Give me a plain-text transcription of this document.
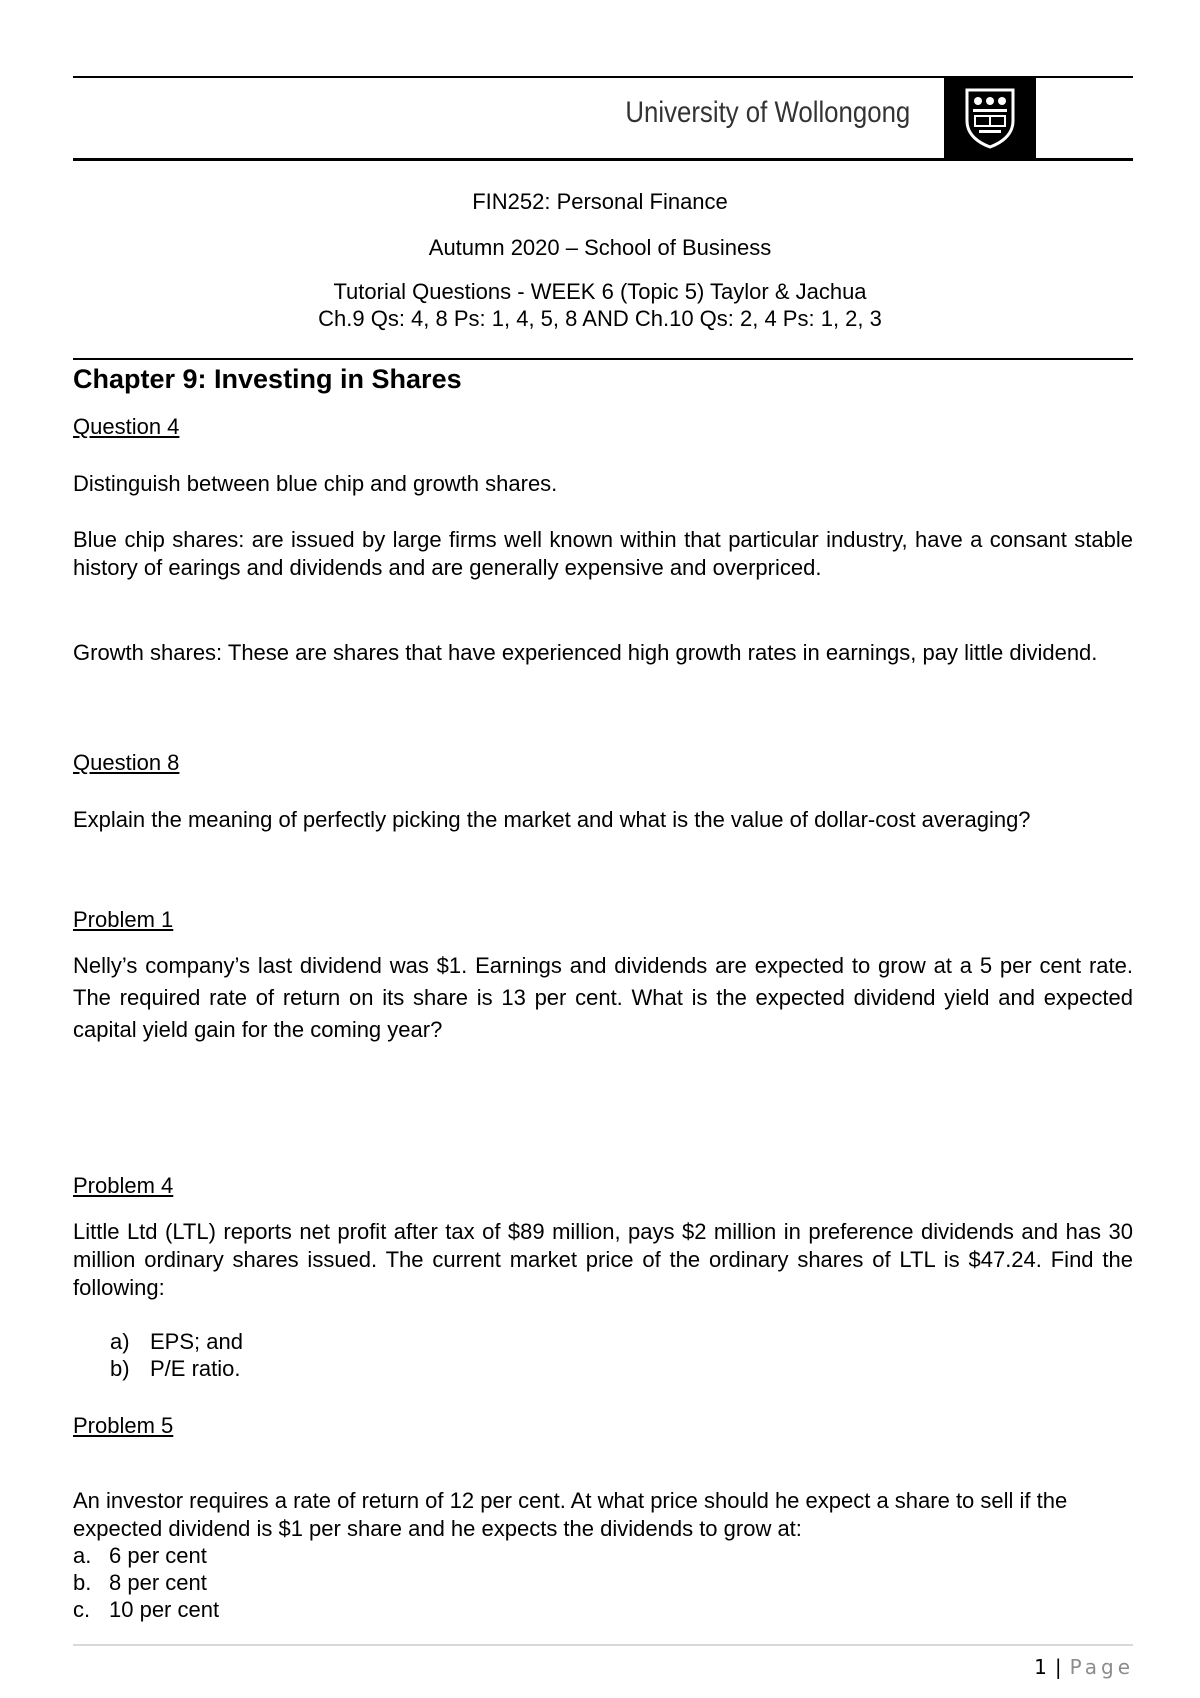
University of Wollongong
FIN252: Personal Finance
Autumn 2020 – School of Business
Tutorial Questions - WEEK 6 (Topic 5) Taylor & Jachua
Ch.9 Qs: 4, 8 Ps: 1, 4, 5, 8 AND Ch.10 Qs: 2, 4 Ps: 1, 2, 3
Chapter 9: Investing in Shares
Question 4
Distinguish between blue chip and growth shares.
Blue chip shares: are issued by large firms well known within that particular industry, have a consant stable history of earings and dividends and are generally expensive and overpriced.
Growth shares: These are shares that have experienced high growth rates in earnings, pay little dividend.
Question 8
Explain the meaning of perfectly picking the market and what is the value of dollar-cost averaging?
Problem 1
Nelly’s company’s last dividend was $1. Earnings and dividends are expected to grow at a 5 per cent rate. The required rate of return on its share is 13 per cent. What is the expected dividend yield and expected capital yield gain for the coming year?
Problem 4
Little Ltd (LTL) reports net profit after tax of $89 million, pays $2 million in preference dividends and has 30 million ordinary shares issued. The current market price of the ordinary shares of LTL is $47.24. Find the following:
a) EPS; and
b) P/E ratio.
Problem 5
An investor requires a rate of return of 12 per cent. At what price should he expect a share to sell if the expected dividend is $1 per share and he expects the dividends to grow at:
a. 6 per cent
b. 8 per cent
c. 10 per cent
1 | Page
